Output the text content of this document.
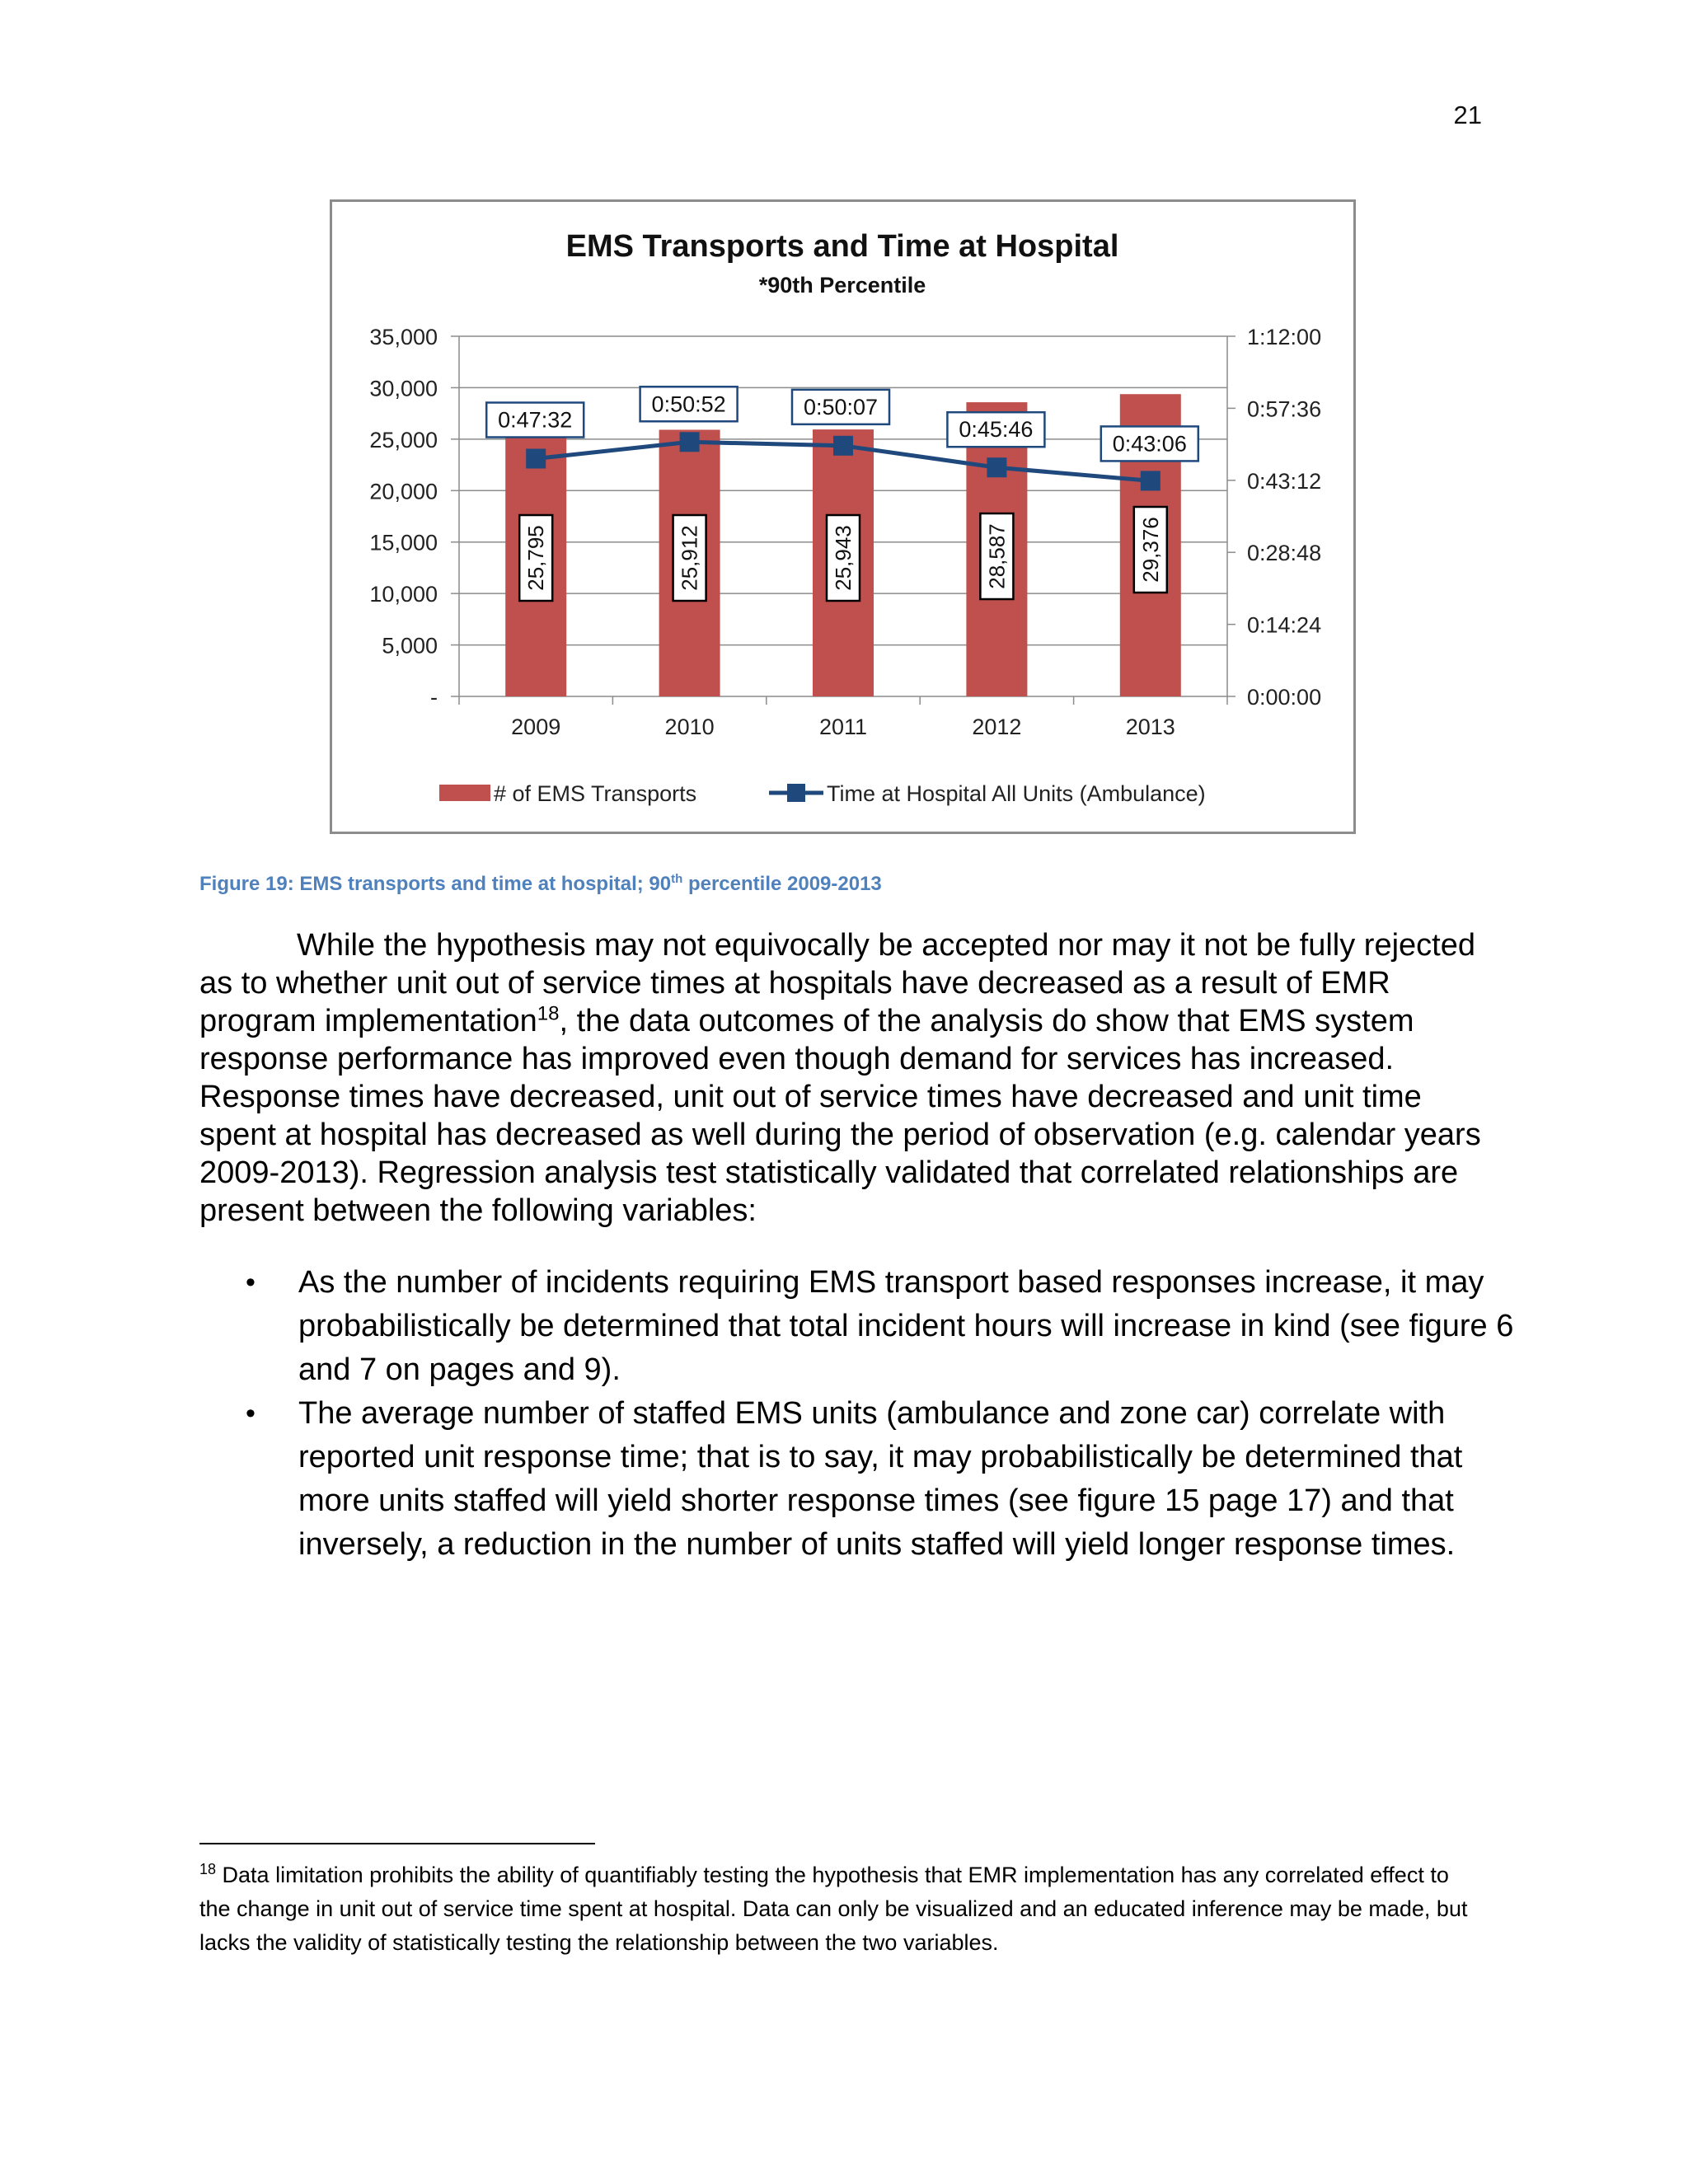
21
EMS Transports and Time at Hospital
*90th Percentile
-
5,000
10,000
15,000
20,000
25,000
30,000
35,000
0:00:00
0:14:24
0:28:48
0:43:12
0:57:36
1:12:00
2009	2010	2011	2012	2013
25,795	25,912	25,943	28,587	29,376
0:47:32
0:50:52	0:50:07
0:45:46
0:43:06
# of EMS Transports	Time at Hospital All Units (Ambulance)
Figure 19: EMS transports and time at hospital; 90th percentile 2009-2013

While the hypothesis may not equivocally be accepted nor may it not be fully rejected as to whether unit out of service times at hospitals have decreased as a result of EMR program implementation$^{18}$, the data outcomes of the analysis do show that EMS system response performance has improved even though demand for services has increased. Response times have decreased, unit out of service times have decreased and unit time spent at hospital has decreased as well during the period of observation (e.g. calendar years 2009-2013). Regression analysis test statistically validated that correlated relationships are present between the following variables:

• As the number of incidents requiring EMS transport based responses increase, it may probabilistically be determined that total incident hours will increase in kind (see figure 6 and 7 on pages and 9).
• The average number of staffed EMS units (ambulance and zone car) correlate with reported unit response time; that is to say, it may probabilistically be determined that more units staffed will yield shorter response times (see figure 15 page 17) and that inversely, a reduction in the number of units staffed will yield longer response times.
$^{18}$ Data limitation prohibits the ability of quantifiably testing the hypothesis that EMR implementation has any correlated effect to the change in unit out of service time spent at hospital. Data can only be visualized and an educated inference may be made, but lacks the validity of statistically testing the relationship between the two variables.
